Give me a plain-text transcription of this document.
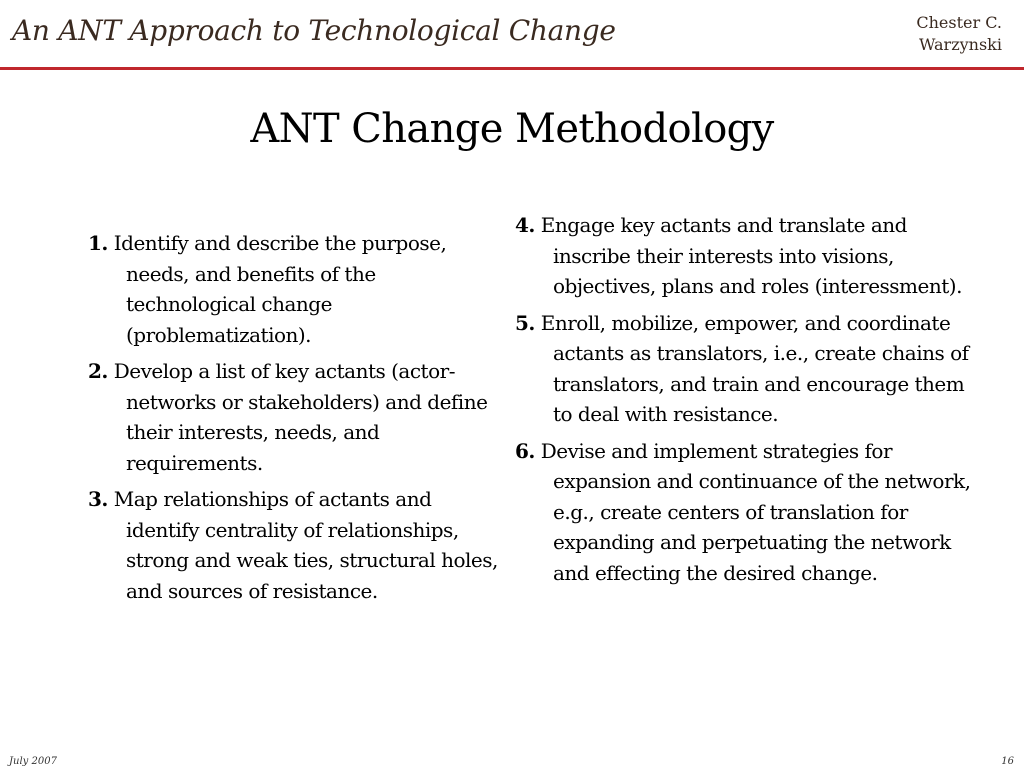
An ANT Approach to Technological Change	Chester C.
Warzynski
ANT Change Methodology
1. Identify and describe the purpose, needs, and benefits of the technological change (problematization).
2. Develop a list of key actants (actor-networks or stakeholders) and define their interests, needs, and requirements.
3. Map relationships of actants and identify centrality of relationships, strong and weak ties, structural holes, and sources of resistance.
4. Engage key actants and translate and inscribe their interests into visions, objectives, plans and roles (interessment).
5. Enroll, mobilize, empower, and coordinate actants as translators, i.e., create chains of translators, and train and encourage them to deal with resistance.
6. Devise and implement strategies for expansion and continuance of the network, e.g., create centers of translation for expanding and perpetuating the network and effecting the desired change.
July 2007	16
